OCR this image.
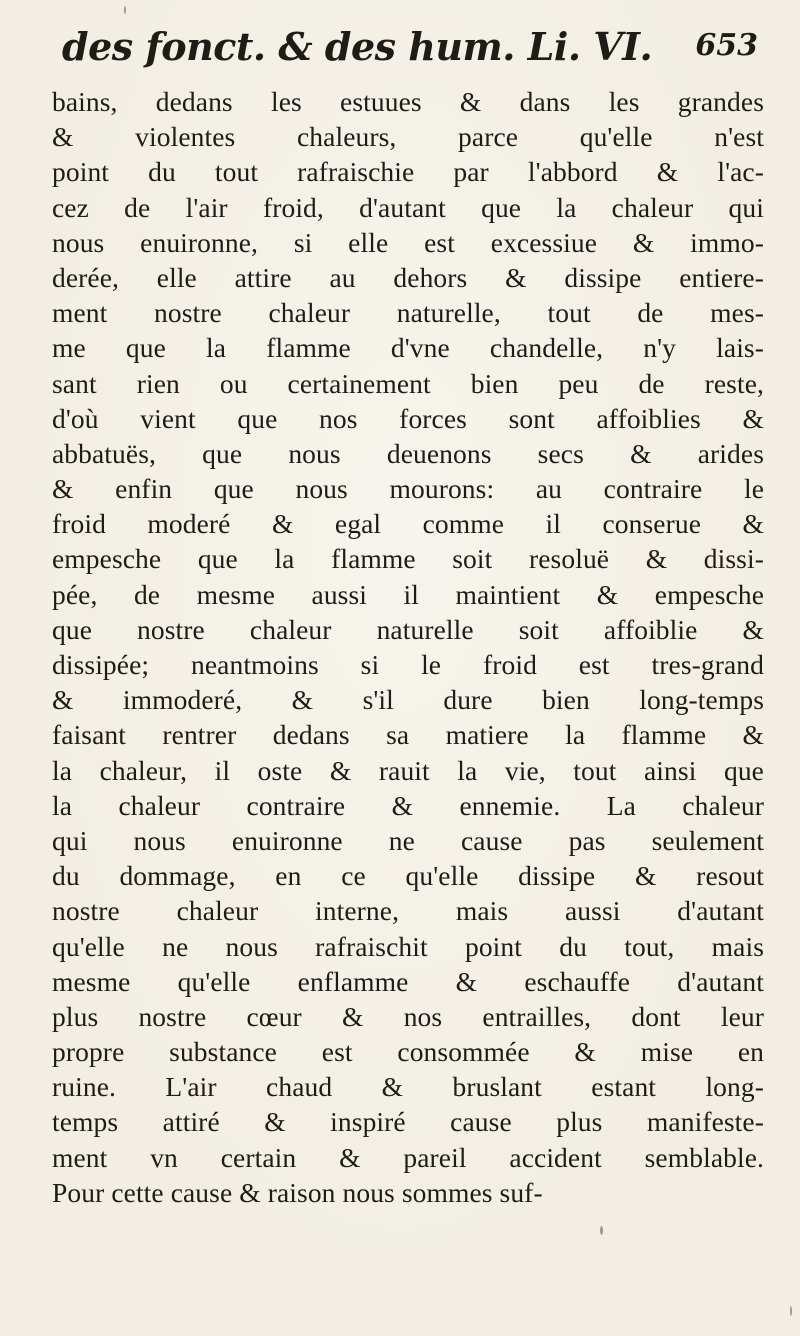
des fonct. & des hum. Li. VI. 653
bains, dedans les estuues & dans les grandes
& violentes chaleurs, parce qu'elle n'est
point du tout rafraischie par l'abbord & l'ac-
cez de l'air froid, d'autant que la chaleur qui
nous enuironne, si elle est excessiue & immo-
derée, elle attire au dehors & dissipe entiere-
ment nostre chaleur naturelle, tout de mes-
me que la flamme d'vne chandelle, n'y lais-
sant rien ou certainement bien peu de reste,
d'où vient que nos forces sont affoiblies &
abbatuës, que nous deuenons secs & arides
& enfin que nous mourons: au contraire le
froid moderé & egal comme il conserue &
empesche que la flamme soit resoluë & dissi-
pée, de mesme aussi il maintient & empesche
que nostre chaleur naturelle soit affoiblie &
dissipée; neantmoins si le froid est tres-grand
& immoderé, & s'il dure bien long-temps
faisant rentrer dedans sa matiere la flamme &
la chaleur, il oste & rauit la vie, tout ainsi que
la chaleur contraire & ennemie. La chaleur
qui nous enuironne ne cause pas seulement
du dommage, en ce qu'elle dissipe & resout
nostre chaleur interne, mais aussi d'autant
qu'elle ne nous rafraischit point du tout, mais
mesme qu'elle enflamme & eschauffe d'autant
plus nostre cœur & nos entrailles, dont leur
propre substance est consommée & mise en
ruine. L'air chaud & bruslant estant long-
temps attiré & inspiré cause plus manifeste-
ment vn certain & pareil accident semblable.
Pour cette cause & raison nous sommes suf-
